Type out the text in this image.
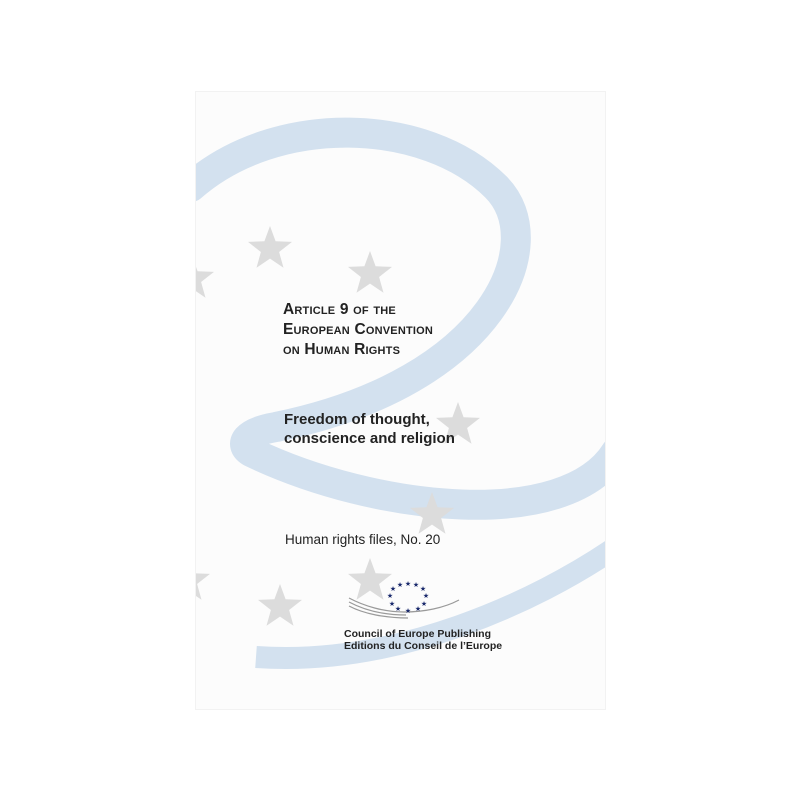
Article 9 of the
European Convention
on Human Rights
Freedom of thought,
conscience and religion
Human rights files, No. 20
★ ★ ★
★
★
★
★
★
★
★
★ ★
Council of Europe Publishing
Editions du Conseil de l’Europe
